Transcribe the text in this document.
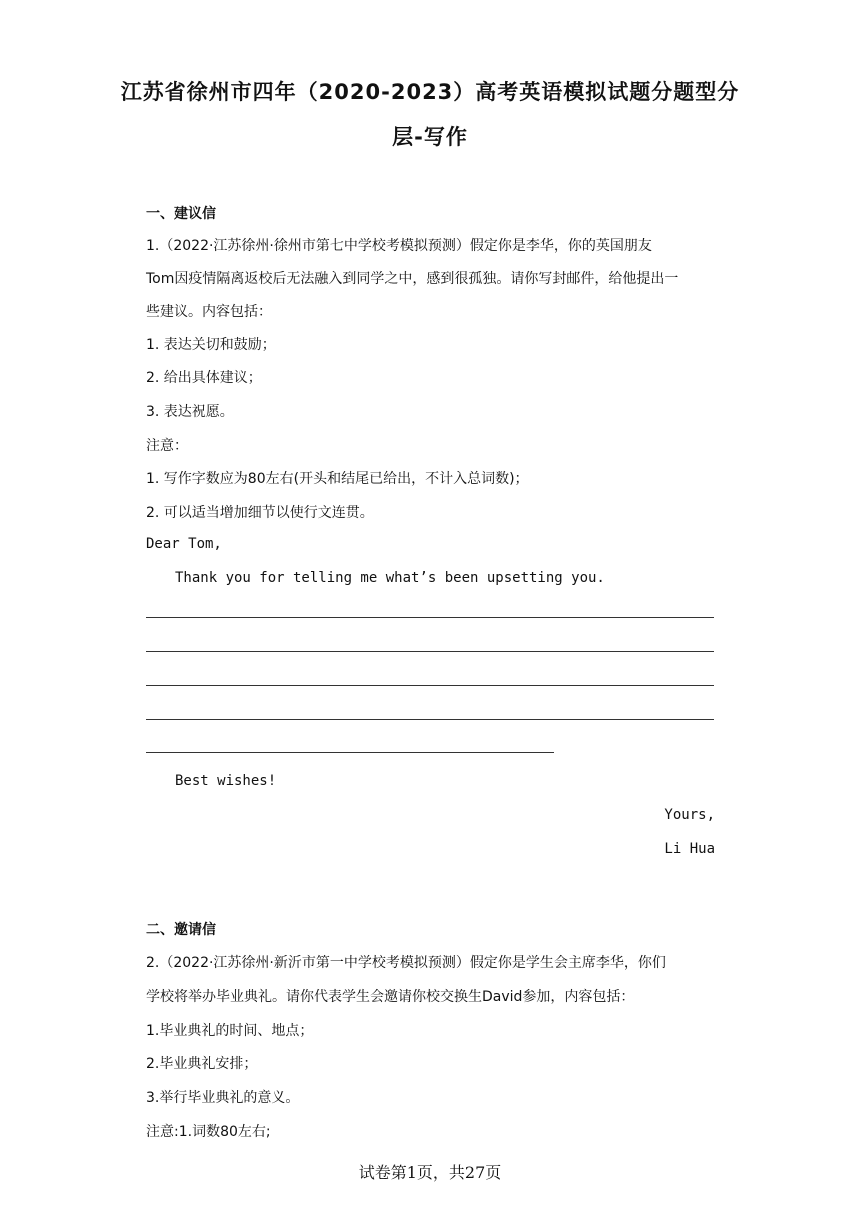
江苏省徐州市四年（2020-2023）高考英语模拟试题分题型分
层-写作
一、建议信
1.（2022·江苏徐州·徐州市第七中学校考模拟预测）假定你是李华，你的英国朋友
Tom因疫情隔离返校后无法融入到同学之中，感到很孤独。请你写封邮件，给他提出一
些建议。内容包括：
1. 表达关切和鼓励；
2. 给出具体建议；
3. 表达祝愿。
注意：
1. 写作字数应为80左右(开头和结尾已给出，不计入总词数)；
2. 可以适当增加细节以使行文连贯。
Dear Tom,
Thank you for telling me what’s been upsetting you.
Best wishes!
Yours,
Li Hua
二、邀请信
2.（2022·江苏徐州·新沂市第一中学校考模拟预测）假定你是学生会主席李华，你们
学校将举办毕业典礼。请你代表学生会邀请你校交换生David参加，内容包括：
1.毕业典礼的时间、地点；
2.毕业典礼安排；
3.举行毕业典礼的意义。
注意:1.词数80左右;
试卷第1页，共27页
